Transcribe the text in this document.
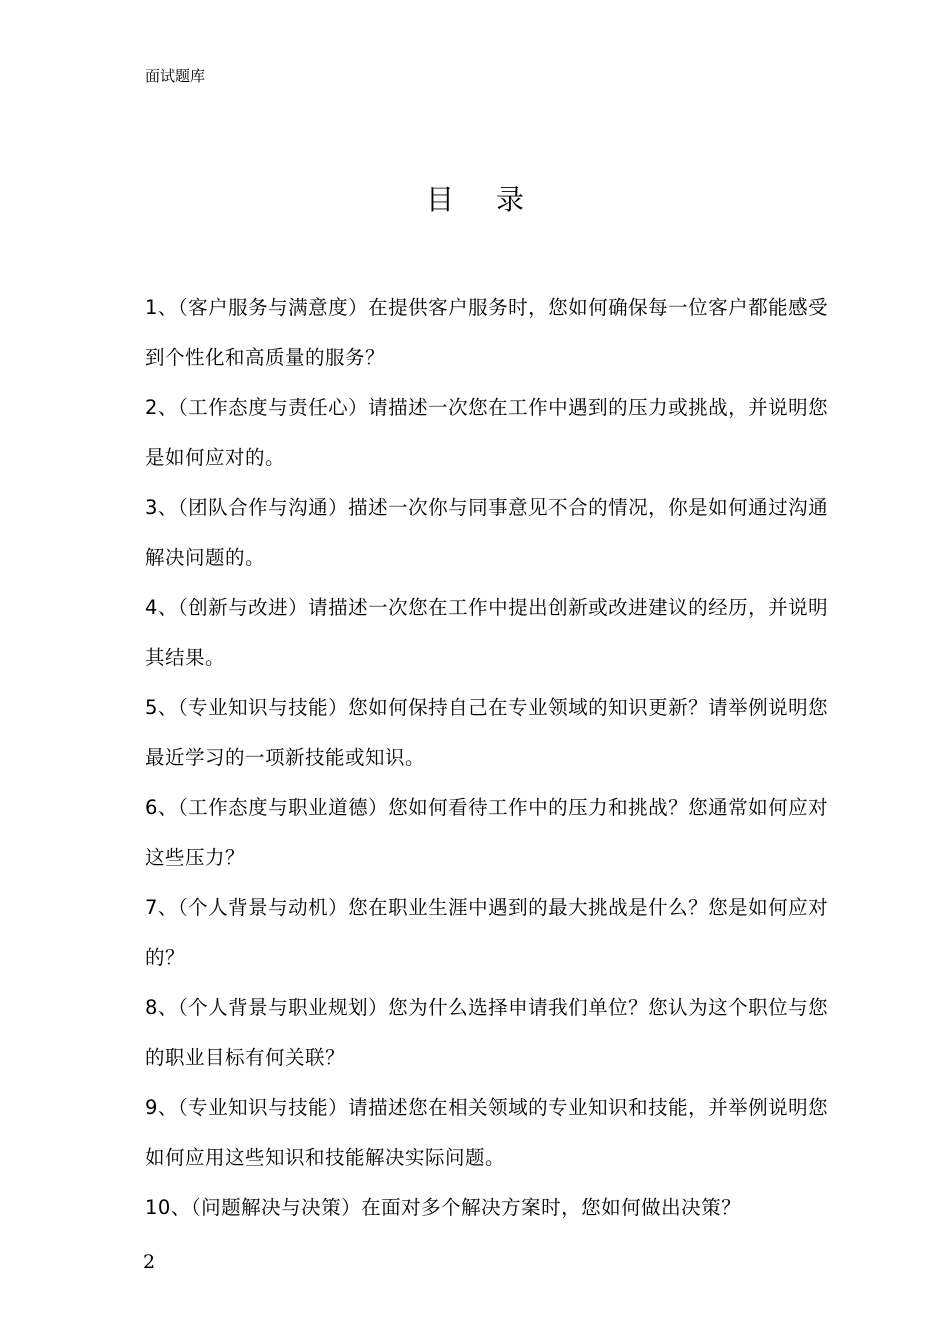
面试题库
目录
1、（客户服务与满意度）在提供客户服务时，您如何确保每一位客户都能感受到个性化和高质量的服务？
2、（工作态度与责任心）请描述一次您在工作中遇到的压力或挑战，并说明您是如何应对的。
3、（团队合作与沟通）描述一次你与同事意见不合的情况，你是如何通过沟通解决问题的。
4、（创新与改进）请描述一次您在工作中提出创新或改进建议的经历，并说明其结果。
5、（专业知识与技能）您如何保持自己在专业领域的知识更新？请举例说明您最近学习的一项新技能或知识。
6、（工作态度与职业道德）您如何看待工作中的压力和挑战？您通常如何应对这些压力？
7、（个人背景与动机）您在职业生涯中遇到的最大挑战是什么？您是如何应对的？
8、（个人背景与职业规划）您为什么选择申请我们单位？您认为这个职位与您的职业目标有何关联？
9、（专业知识与技能）请描述您在相关领域的专业知识和技能，并举例说明您如何应用这些知识和技能解决实际问题。
10、（问题解决与决策）在面对多个解决方案时，您如何做出决策？
2
